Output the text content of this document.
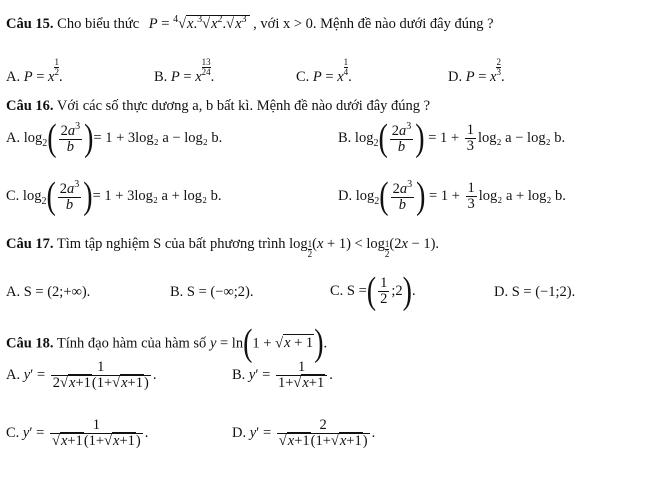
Câu 15. Cho biểu thức $P = ^4√x.^3√x^2.√x^3$ , với x > 0. Mệnh đề nào dưới đây đúng ?
A. P = x $\frac{1}{2}$ .	B. P = x $\frac{13}{24}$ .	C. P = x $\frac{1}{4}$ .	D. P = x $\frac{2}{3}$ .
Câu 16. Với các số thực dương a, b bất kì. Mệnh đề nào dưới đây đúng ?
A. $\log_2( \frac{2a^3}{b}$ )= 1 + 3log₂ a − log₂ b.	B. $\log_2( \frac{2a^3}{b}$ ) = $1 + \frac{1}{3} \log_2$ a − log₂ b.
C. $\log_2( \frac{2a^3}{b}$ )= 1 + 3log₂ a + log₂ b.	D. $\log_2( \frac{2a^3}{b}$ ) = $1 + \frac{1}{3} \log_2$ a + log₂ b.
Câu 17. Tìm tập nghiệm S của bất phương trình $\log \frac{1}{2} (x + 1) < \log \frac{1}{2} (2x - 1)$.
A. S = (2;+∞).	B. S = (−∞;2).	C. S =( $\frac{1}{2}$ ;2).	D. S = (−1;2).
Câu 18. Tính đạo hàm của hàm số y = ln(1 + √x + 1).
A. $y' = \frac{1}{2√x+1(1+√x+1)}$ .	B. $y' = \frac{1}{1+√x+1}$ .
C. $y' = \frac{1}{√x+1(1+√x+1)}$ .	D. $y' = \frac{2}{√x+1(1+√x+1)}$ .
